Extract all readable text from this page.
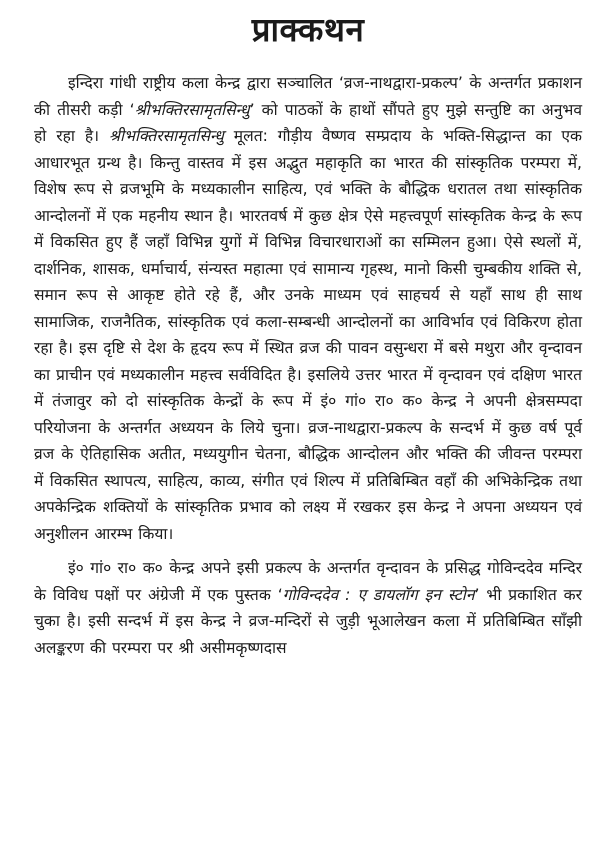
प्राक्कथन

इन्दिरा गांधी राष्ट्रीय कला केन्द्र द्वारा सञ्चालित ‘व्रज-नाथद्वारा-प्रकल्प’ के अन्तर्गत प्रकाशन की तीसरी कड़ी ‘श्रीभक्तिरसामृतसिन्धु’ को पाठकों के हाथों सौंपते हुए मुझे सन्तुष्टि का अनुभव हो रहा है। श्रीभक्तिरसामृतसिन्धु मूलत: गौड़ीय वैष्णव सम्प्रदाय के भक्ति-सिद्धान्त का एक आधारभूत ग्रन्थ है। किन्तु वास्तव में इस अद्भुत महाकृति का भारत की सांस्कृतिक परम्परा में, विशेष रूप से व्रजभूमि के मध्यकालीन साहित्य, एवं भक्ति के बौद्धिक धरातल तथा सांस्कृतिक आन्दोलनों में एक महनीय स्थान है। भारतवर्ष में कुछ क्षेत्र ऐसे महत्त्वपूर्ण सांस्कृतिक केन्द्र के रूप में विकसित हुए हैं जहाँ विभिन्न युगों में विभिन्न विचारधाराओं का सम्मिलन हुआ। ऐसे स्थलों में, दार्शनिक, शासक, धर्माचार्य, संन्यस्त महात्मा एवं सामान्य गृहस्थ, मानो किसी चुम्बकीय शक्ति से, समान रूप से आकृष्ट होते रहे हैं, और उनके माध्यम एवं साहचर्य से यहाँ साथ ही साथ सामाजिक, राजनैतिक, सांस्कृतिक एवं कला-सम्बन्धी आन्दोलनों का आविर्भाव एवं विकिरण होता रहा है। इस दृष्टि से देश के हृदय रूप में स्थित व्रज की पावन वसुन्धरा में बसे मथुरा और वृन्दावन का प्राचीन एवं मध्यकालीन महत्त्व सर्वविदित है। इसलिये उत्तर भारत में वृन्दावन एवं दक्षिण भारत में तंजावुर को दो सांस्कृतिक केन्द्रों के रूप में इं० गां० रा० क० केन्द्र ने अपनी क्षेत्रसम्पदा परियोजना के अन्तर्गत अध्ययन के लिये चुना। व्रज-नाथद्वारा-प्रकल्प के सन्दर्भ में कुछ वर्ष पूर्व व्रज के ऐतिहासिक अतीत, मध्ययुगीन चेतना, बौद्धिक आन्दोलन और भक्ति की जीवन्त परम्परा में विकसित स्थापत्य, साहित्य, काव्य, संगीत एवं शिल्प में प्रतिबिम्बित वहाँ की अभिकेन्द्रिक तथा अपकेन्द्रिक शक्तियों के सांस्कृतिक प्रभाव को लक्ष्य में रखकर इस केन्द्र ने अपना अध्ययन एवं अनुशीलन आरम्भ किया।

इं० गां० रा० क० केन्द्र अपने इसी प्रकल्प के अन्तर्गत वृन्दावन के प्रसिद्ध गोविन्ददेव मन्दिर के विविध पक्षों पर अंग्रेजी में एक पुस्तक ‘गोविन्ददेव : ए डायलॉग इन स्टोन’ भी प्रकाशित कर चुका है। इसी सन्दर्भ में इस केन्द्र ने व्रज-मन्दिरों से जुड़ी भूआलेखन कला में प्रतिबिम्बित साँझी अलङ्करण की परम्परा पर श्री असीमकृष्णदास
